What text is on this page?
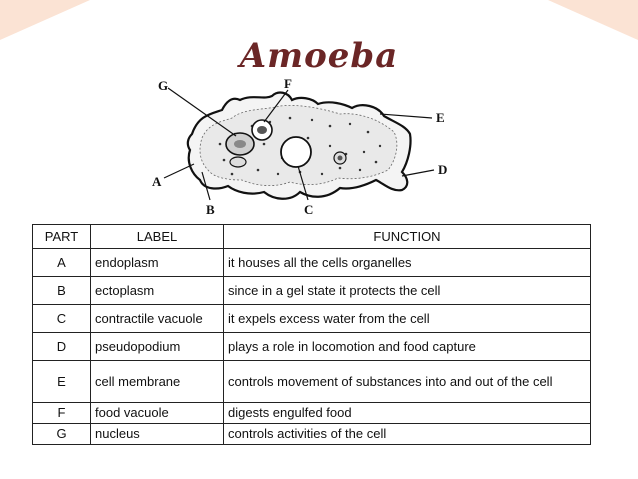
Amoeba
G	F
E
D
C
B
A
PART	LABEL	FUNCTION
A	endoplasm	it houses all the cells organelles
B	ectoplasm	since in a gel state it protects the cell
C	contractile vacuole	it expels excess water from the cell
D	pseudopodium	plays a role in locomotion and food capture
E	cell membrane	controls movement of substances into and out of the cell
F	food vacuole	digests engulfed food
G	nucleus	controls activities of the cell
